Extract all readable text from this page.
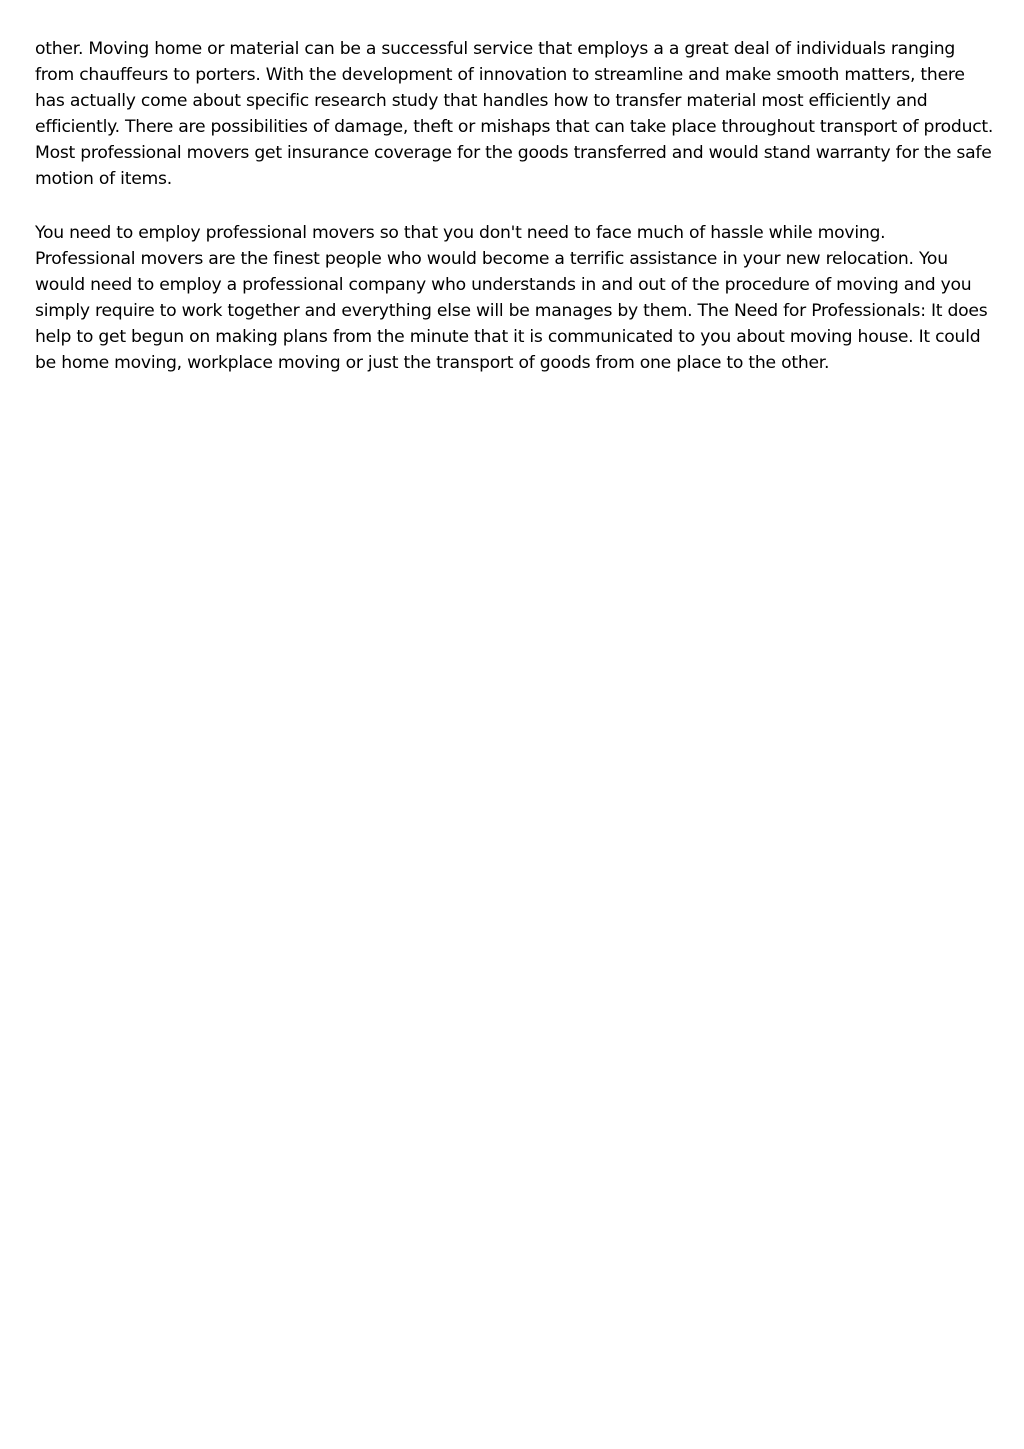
other. Moving home or material can be a successful service that employs a a great deal of individuals ranging
from chauffeurs to porters. With the development of innovation to streamline and make smooth matters, there
has actually come about specific research study that handles how to transfer material most efficiently and
efficiently. There are possibilities of damage, theft or mishaps that can take place throughout transport of product.
Most professional movers get insurance coverage for the goods transferred and would stand warranty for the safe
motion of items.

You need to employ professional movers so that you don't need to face much of hassle while moving.
Professional movers are the finest people who would become a terrific assistance in your new relocation. You
would need to employ a professional company who understands in and out of the procedure of moving and you
simply require to work together and everything else will be manages by them. The Need for Professionals: It does
help to get begun on making plans from the minute that it is communicated to you about moving house. It could
be home moving, workplace moving or just the transport of goods from one place to the other.
